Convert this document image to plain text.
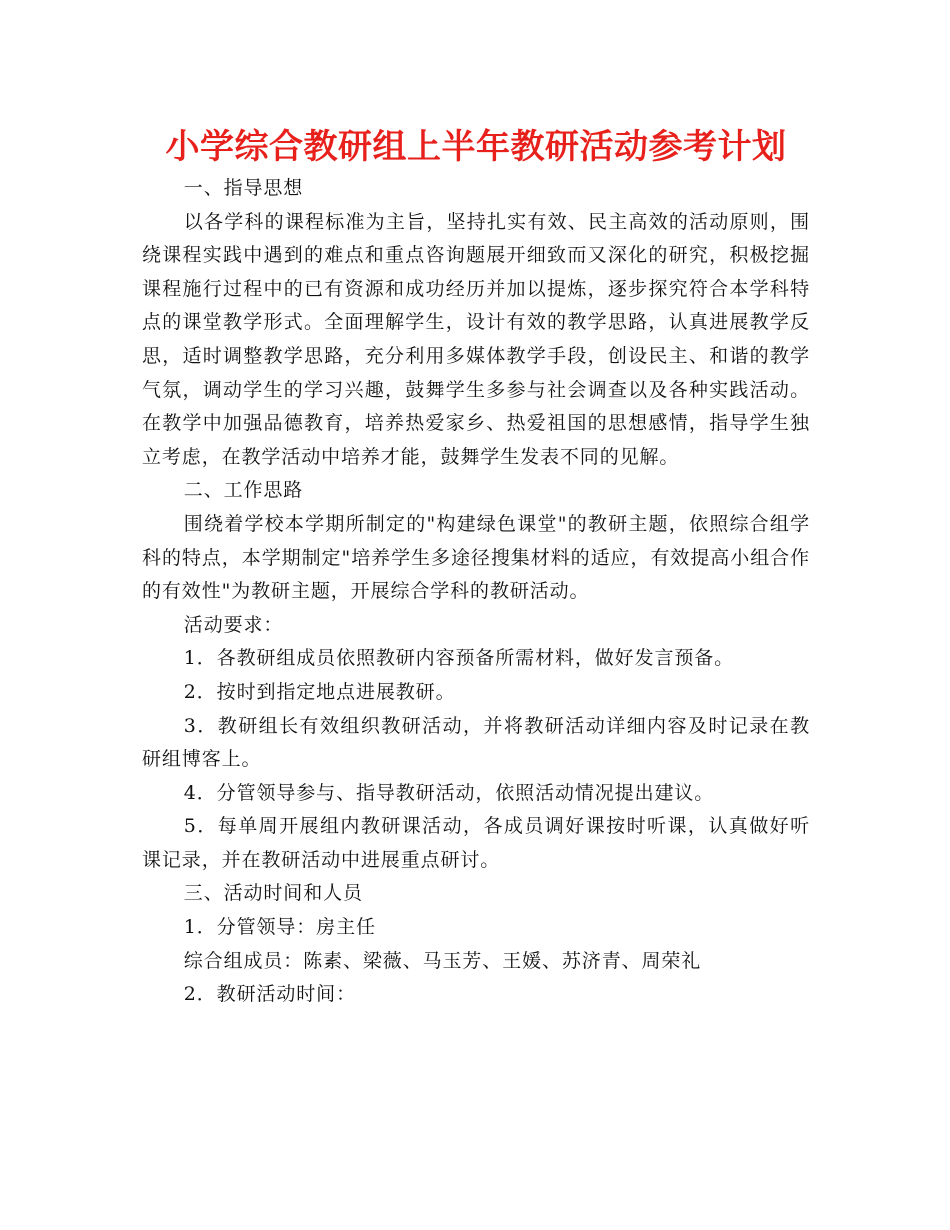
小学综合教研组上半年教研活动参考计划

一、指导思想

以各学科的课程标准为主旨，坚持扎实有效、民主高效的活动原则，围绕课程实践中遇到的难点和重点咨询题展开细致而又深化的研究，积极挖掘课程施行过程中的已有资源和成功经历并加以提炼，逐步探究符合本学科特点的课堂教学形式。全面理解学生，设计有效的教学思路，认真进展教学反思，适时调整教学思路，充分利用多媒体教学手段，创设民主、和谐的教学气氛，调动学生的学习兴趣，鼓舞学生多参与社会调查以及各种实践活动。在教学中加强品德教育，培养热爱家乡、热爱祖国的思想感情，指导学生独立考虑，在教学活动中培养才能，鼓舞学生发表不同的见解。

二、工作思路

围绕着学校本学期所制定的"构建绿色课堂"的教研主题，依照综合组学科的特点，本学期制定"培养学生多途径搜集材料的适应，有效提高小组合作的有效性"为教研主题，开展综合学科的教研活动。

活动要求：

1．各教研组成员依照教研内容预备所需材料，做好发言预备。

2．按时到指定地点进展教研。

3．教研组长有效组织教研活动，并将教研活动详细内容及时记录在教研组博客上。

4．分管领导参与、指导教研活动，依照活动情况提出建议。

5．每单周开展组内教研课活动，各成员调好课按时听课，认真做好听课记录，并在教研活动中进展重点研讨。

三、活动时间和人员

1．分管领导：房主任

综合组成员：陈素、梁薇、马玉芳、王媛、苏济青、周荣礼

2．教研活动时间：
